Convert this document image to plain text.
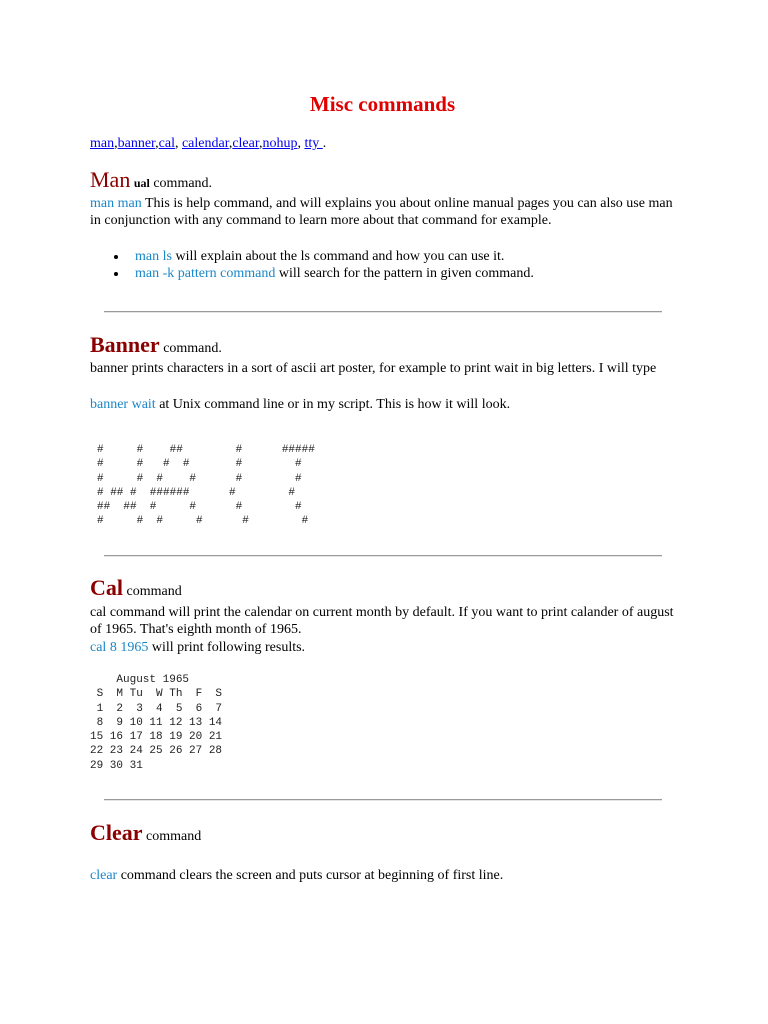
Misc commands
man,banner,cal, calendar,clear,nohup, tty .
Man ual command.
man man This is help command, and will explains you about online manual pages you can also use man in conjunction with any command to learn more about that command for example.
man ls will explain about the ls command and how you can use it.
man -k pattern command will search for the pattern in given command.
Banner command.
banner prints characters in a sort of ascii art poster, for example to print wait in big letters. I will type
banner wait at Unix command line or in my script. This is how it will look.
#     #    ##        #      #####
#     #   #  #       #        #
#     #  #    #      #        #
# ## #  ######      #        #
##  ##  #     #      #        #
#     #  #     #      #        #
Cal command
cal command will print the calendar on current month by default. If you want to print calander of august of 1965. That's eighth month of 1965.
cal 8 1965 will print following results.
August 1965
S  M Tu  W Th  F  S
1  2  3  4  5  6  7
8  9 10 11 12 13 14
15 16 17 18 19 20 21
22 23 24 25 26 27 28
29 30 31
Clear command
clear command clears the screen and puts cursor at beginning of first line.
